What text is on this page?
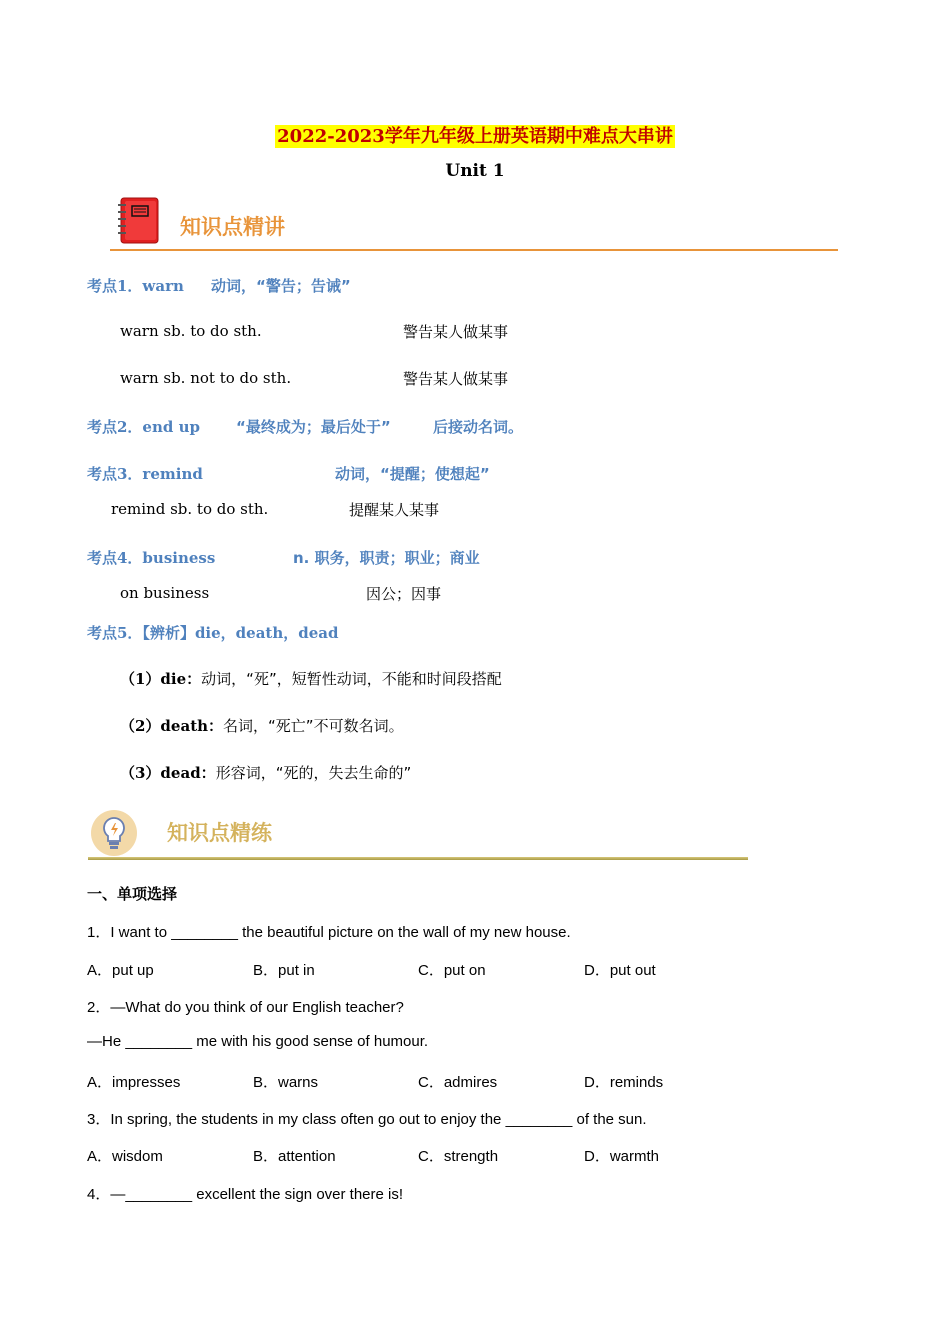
2022-2023学年九年级上册英语期中难点大串讲
Unit 1
知识点精讲
考点1．warn 动词，“警告；告诫”
warn sb. to do sth.	警告某人做某事
warn sb. not to do sth.	警告某人做某事
考点2．end up “最终成为；最后处于”	后接动名词。
考点3．remind	动词，“提醒；使想起”
remind sb. to do sth.	提醒某人某事
考点4．business	n. 职务，职责；职业；商业
on business	因公；因事
考点5．【辨析】die，death，dead
（1）die：动词，“死”，短暂性动词，不能和时间段搭配
（2）death：名词，“死亡”不可数名词。
（3）dead：形容词，“死的，失去生命的”
知识点精练
一、单项选择
1．I want to ________ the beautiful picture on the wall of my new house.
A．put up	B．put in	C．put on	D．put out
2．—What do you think of our English teacher?
—He ________ me with his good sense of humour.
A．impresses	B．warns	C．admires	D．reminds
3．In spring, the students in my class often go out to enjoy the ________ of the sun.
A．wisdom	B．attention	C．strength	D．warmth
4．—________ excellent the sign over there is!
